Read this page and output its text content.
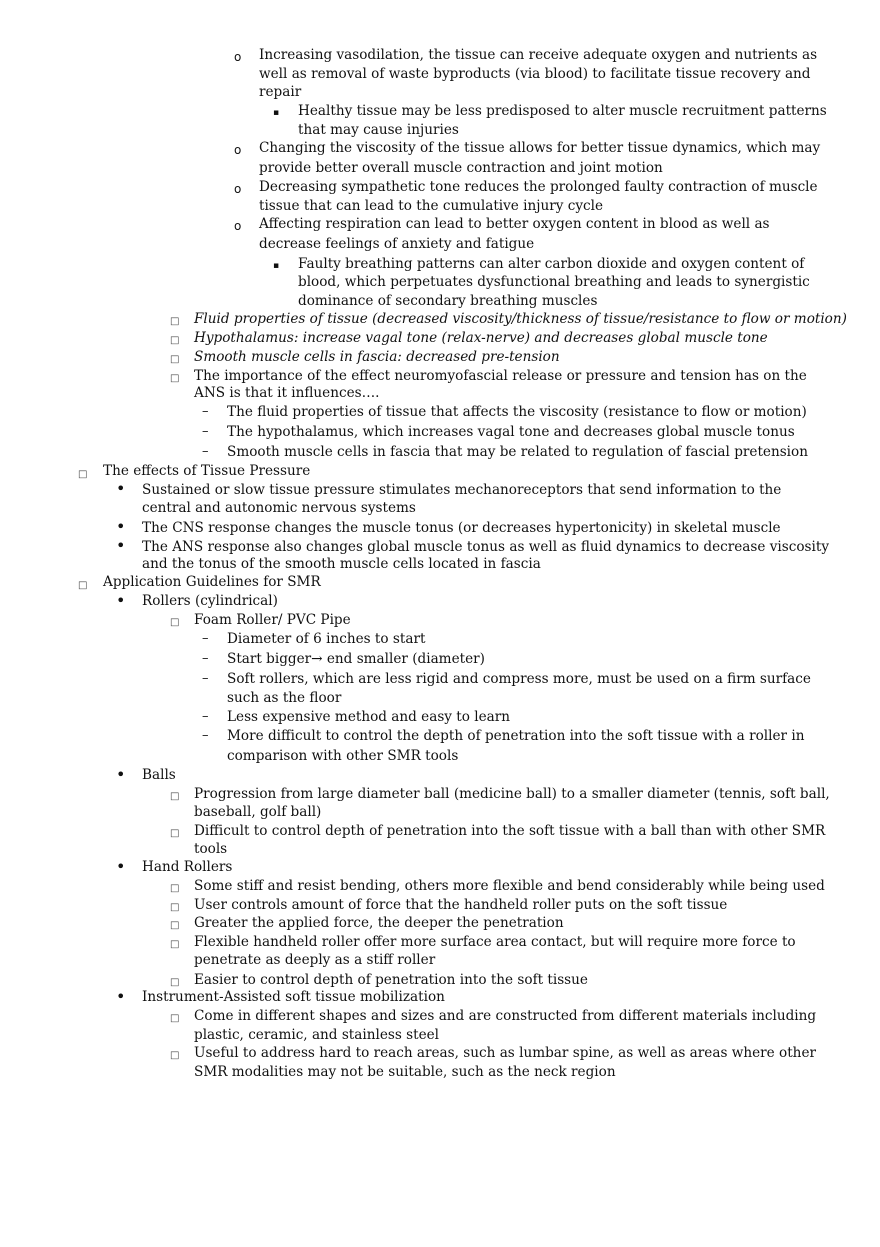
o Increasing vasodilation, the tissue can receive adequate oxygen and nutrients as
well as removal of waste byproducts (via blood) to facilitate tissue recovery and
repair
▪ Healthy tissue may be less predisposed to alter muscle recruitment patterns
that may cause injuries
o Changing the viscosity of the tissue allows for better tissue dynamics, which may
provide better overall muscle contraction and joint motion
o Decreasing sympathetic tone reduces the prolonged faulty contraction of muscle
tissue that can lead to the cumulative injury cycle
o Affecting respiration can lead to better oxygen content in blood as well as
decrease feelings of anxiety and fatigue
▪ Faulty breathing patterns can alter carbon dioxide and oxygen content of
blood, which perpetuates dysfunctional breathing and leads to synergistic
dominance of secondary breathing muscles
□ Fluid properties of tissue (decreased viscosity/thickness of tissue/resistance to flow or motion)
□ Hypothalamus: increase vagal tone (relax-nerve) and decreases global muscle tone
□ Smooth muscle cells in fascia: decreased pre-tension
□ The importance of the effect neuromyofascial release or pressure and tension has on the
ANS is that it influences….
– The fluid properties of tissue that affects the viscosity (resistance to flow or motion)
– The hypothalamus, which increases vagal tone and decreases global muscle tonus
– Smooth muscle cells in fascia that may be related to regulation of fascial pretension
□ The effects of Tissue Pressure
• Sustained or slow tissue pressure stimulates mechanoreceptors that send information to the
central and autonomic nervous systems
• The CNS response changes the muscle tonus (or decreases hypertonicity) in skeletal muscle
• The ANS response also changes global muscle tonus as well as fluid dynamics to decrease viscosity
and the tonus of the smooth muscle cells located in fascia
□ Application Guidelines for SMR
• Rollers (cylindrical)
□ Foam Roller/ PVC Pipe
– Diameter of 6 inches to start
– Start bigger→ end smaller (diameter)
– Soft rollers, which are less rigid and compress more, must be used on a firm surface
such as the floor
– Less expensive method and easy to learn
– More difficult to control the depth of penetration into the soft tissue with a roller in
comparison with other SMR tools
• Balls
□ Progression from large diameter ball (medicine ball) to a smaller diameter (tennis, soft ball,
baseball, golf ball)
□ Difficult to control depth of penetration into the soft tissue with a ball than with other SMR
tools
• Hand Rollers
□ Some stiff and resist bending, others more flexible and bend considerably while being used
□ User controls amount of force that the handheld roller puts on the soft tissue
□ Greater the applied force, the deeper the penetration
□ Flexible handheld roller offer more surface area contact, but will require more force to
penetrate as deeply as a stiff roller
□ Easier to control depth of penetration into the soft tissue
• Instrument-Assisted soft tissue mobilization
□ Come in different shapes and sizes and are constructed from different materials including
plastic, ceramic, and stainless steel
□ Useful to address hard to reach areas, such as lumbar spine, as well as areas where other
SMR modalities may not be suitable, such as the neck region
